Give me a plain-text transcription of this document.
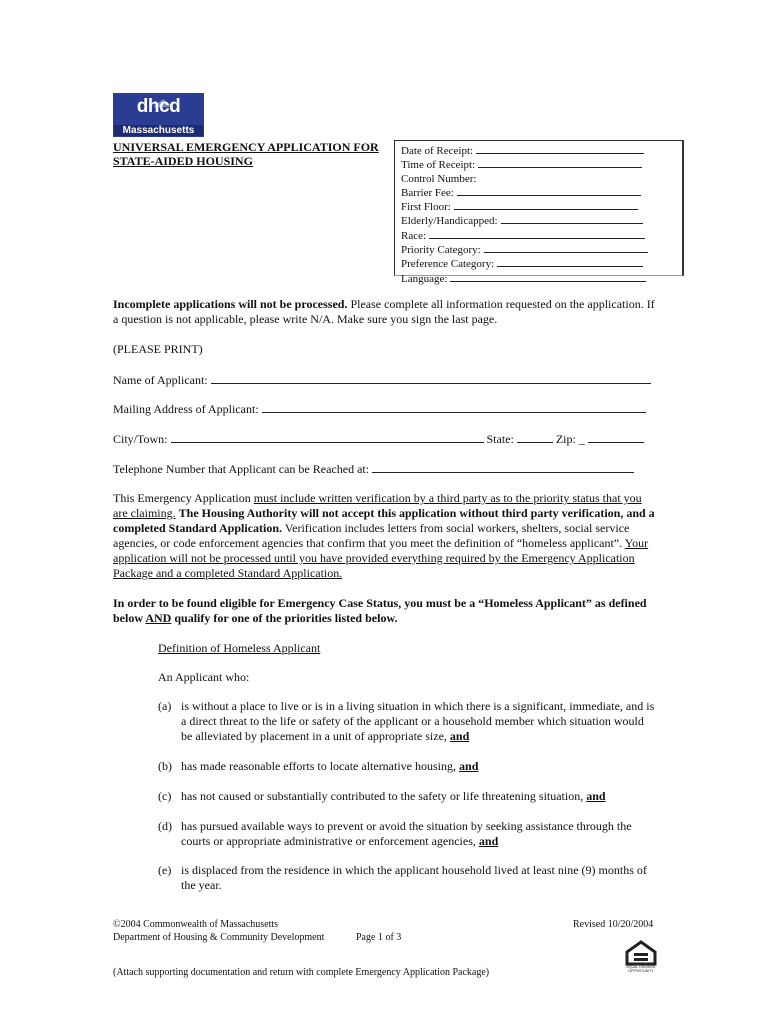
dhcd
Massachusetts
UNIVERSAL EMERGENCY APPLICATION FOR
STATE-AIDED HOUSING
Date of Receipt:
Time of Receipt:
Control Number:
Barrier Fee:
First Floor:
Elderly/Handicapped:
Race:
Priority Category:
Preference Category:
Language:
Incomplete applications will not be processed. Please complete all information requested on the application. If a question is not applicable, please write N/A. Make sure you sign the last page.
(PLEASE PRINT)
Name of Applicant:
Mailing Address of Applicant:
City/Town:	State:	Zip: _
Telephone Number that Applicant can be Reached at:
This Emergency Application must include written verification by a third party as to the priority status that you are claiming. The Housing Authority will not accept this application without third party verification, and a completed Standard Application. Verification includes letters from social workers, shelters, social service agencies, or code enforcement agencies that confirm that you meet the definition of “homeless applicant”. Your application will not be processed until you have provided everything required by the Emergency Application Package and a completed Standard Application.
In order to be found eligible for Emergency Case Status, you must be a “Homeless Applicant” as defined below AND qualify for one of the priorities listed below.
Definition of Homeless Applicant
An Applicant who:
(a) is without a place to live or is in a living situation in which there is a significant, immediate, and is a direct threat to the life or safety of the applicant or a household member which situation would be alleviated by placement in a unit of appropriate size, and
(b) has made reasonable efforts to locate alternative housing, and
(c) has not caused or substantially contributed to the safety or life threatening situation, and
(d) has pursued available ways to prevent or avoid the situation by seeking assistance through the courts or appropriate administrative or enforcement agencies, and
(e) is displaced from the residence in which the applicant household lived at least nine (9) months of the year.
©2004 Commonwealth of Massachusetts
Department of Housing & Community Development	Page 1 of 3
Revised 10/20/2004
(Attach supporting documentation and return with complete Emergency Application Package)	EQUAL HOUSING OPPORTUNITY
